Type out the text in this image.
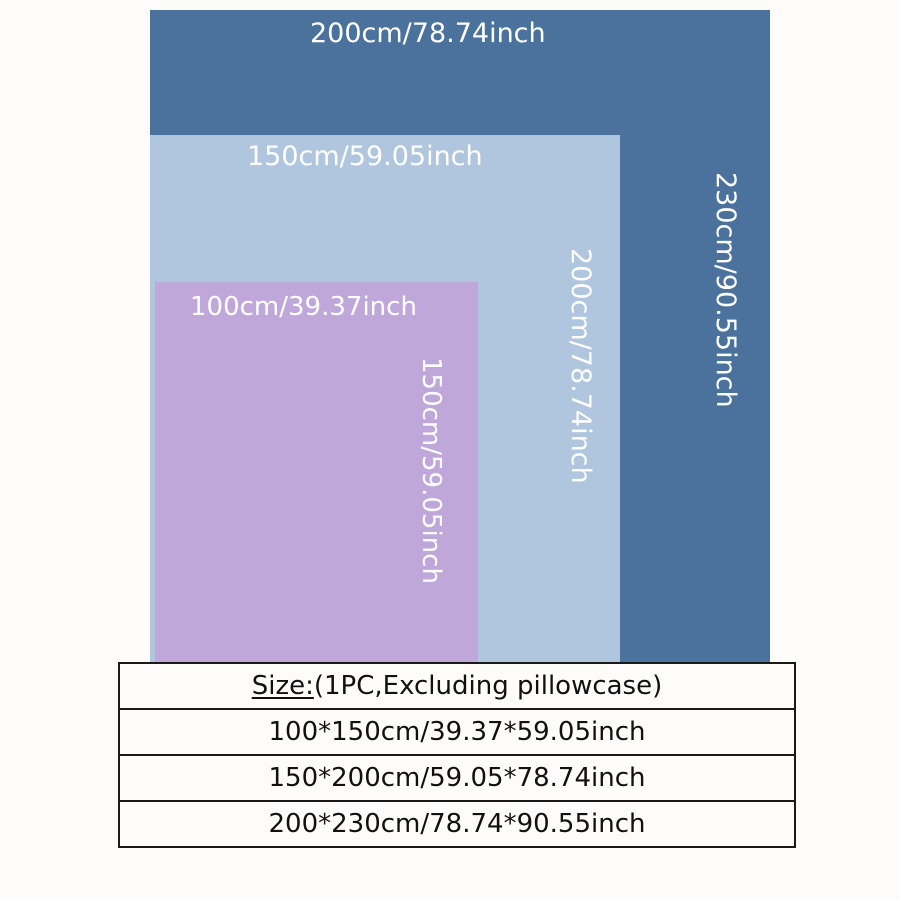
200cm/78.74inch
230cm/90.55inch
150cm/59.05inch
200cm/78.74inch
100cm/39.37inch
150cm/59.05inch
Size: (1PC,Excluding pillowcase)
100*150cm/39.37*59.05inch
150*200cm/59.05*78.74inch
200*230cm/78.74*90.55inch
